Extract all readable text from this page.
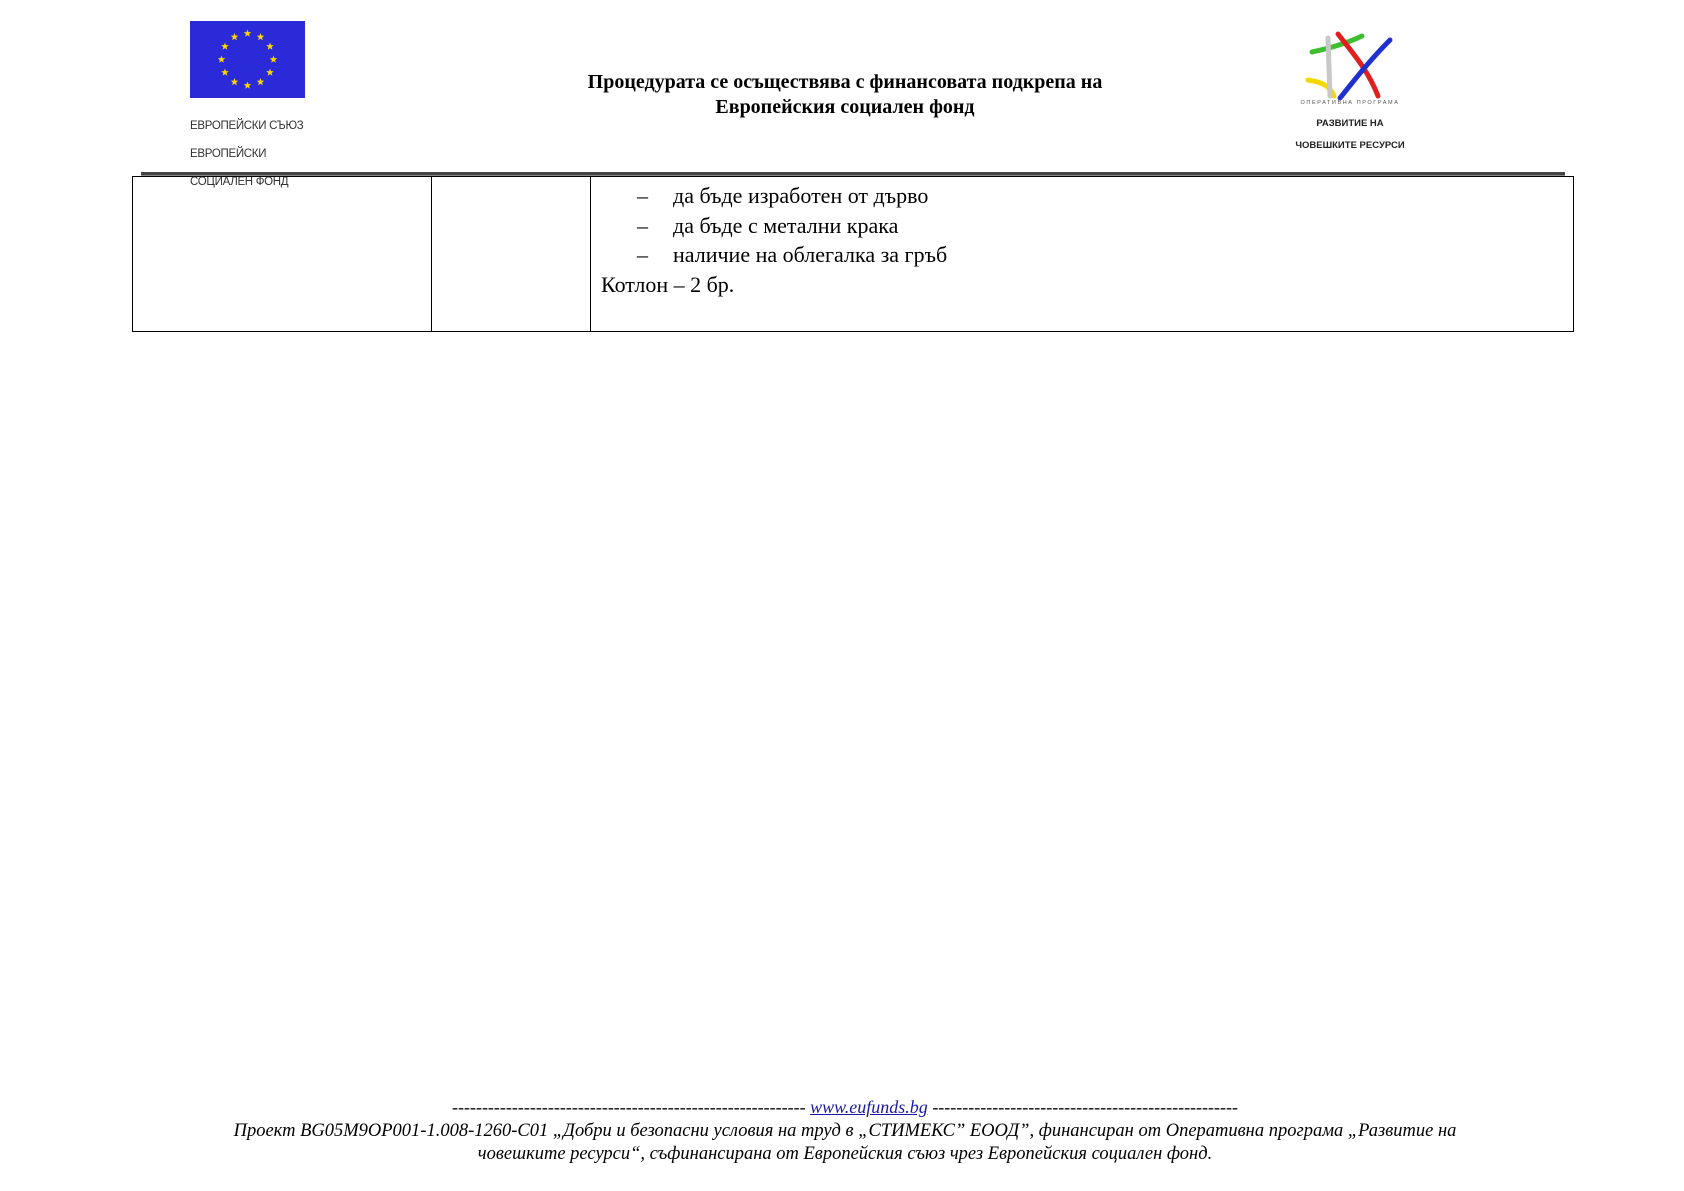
ЕВРОПЕЙСКИ СЪЮЗ

ЕВРОПЕЙСКИ

СОЦИАЛЕН ФОНД

Процедурата се осъществява с финансовата подкрепа на
Европейския социален фонд	ОПЕРАТИВНА ПРОГРАМА

РАЗВИТИЕ НА

ЧОВЕШКИТЕ РЕСУРСИ

– да бъде изработен от дърво
– да бъде с метални крака
– наличие на облегалка за гръб
Котлон – 2 бр.
----------------------------------------------------------- www.eufunds.bg ---------------------------------------------------
Проект BG05M9OP001-1.008-1260-C01 „Добри и безопасни условия на труд в „СТИМЕКС” ЕООД”, финансиран от Оперативна програма „Развитие на
човешките ресурси“, съфинансирана от Европейския съюз чрез Европейския социален фонд.
